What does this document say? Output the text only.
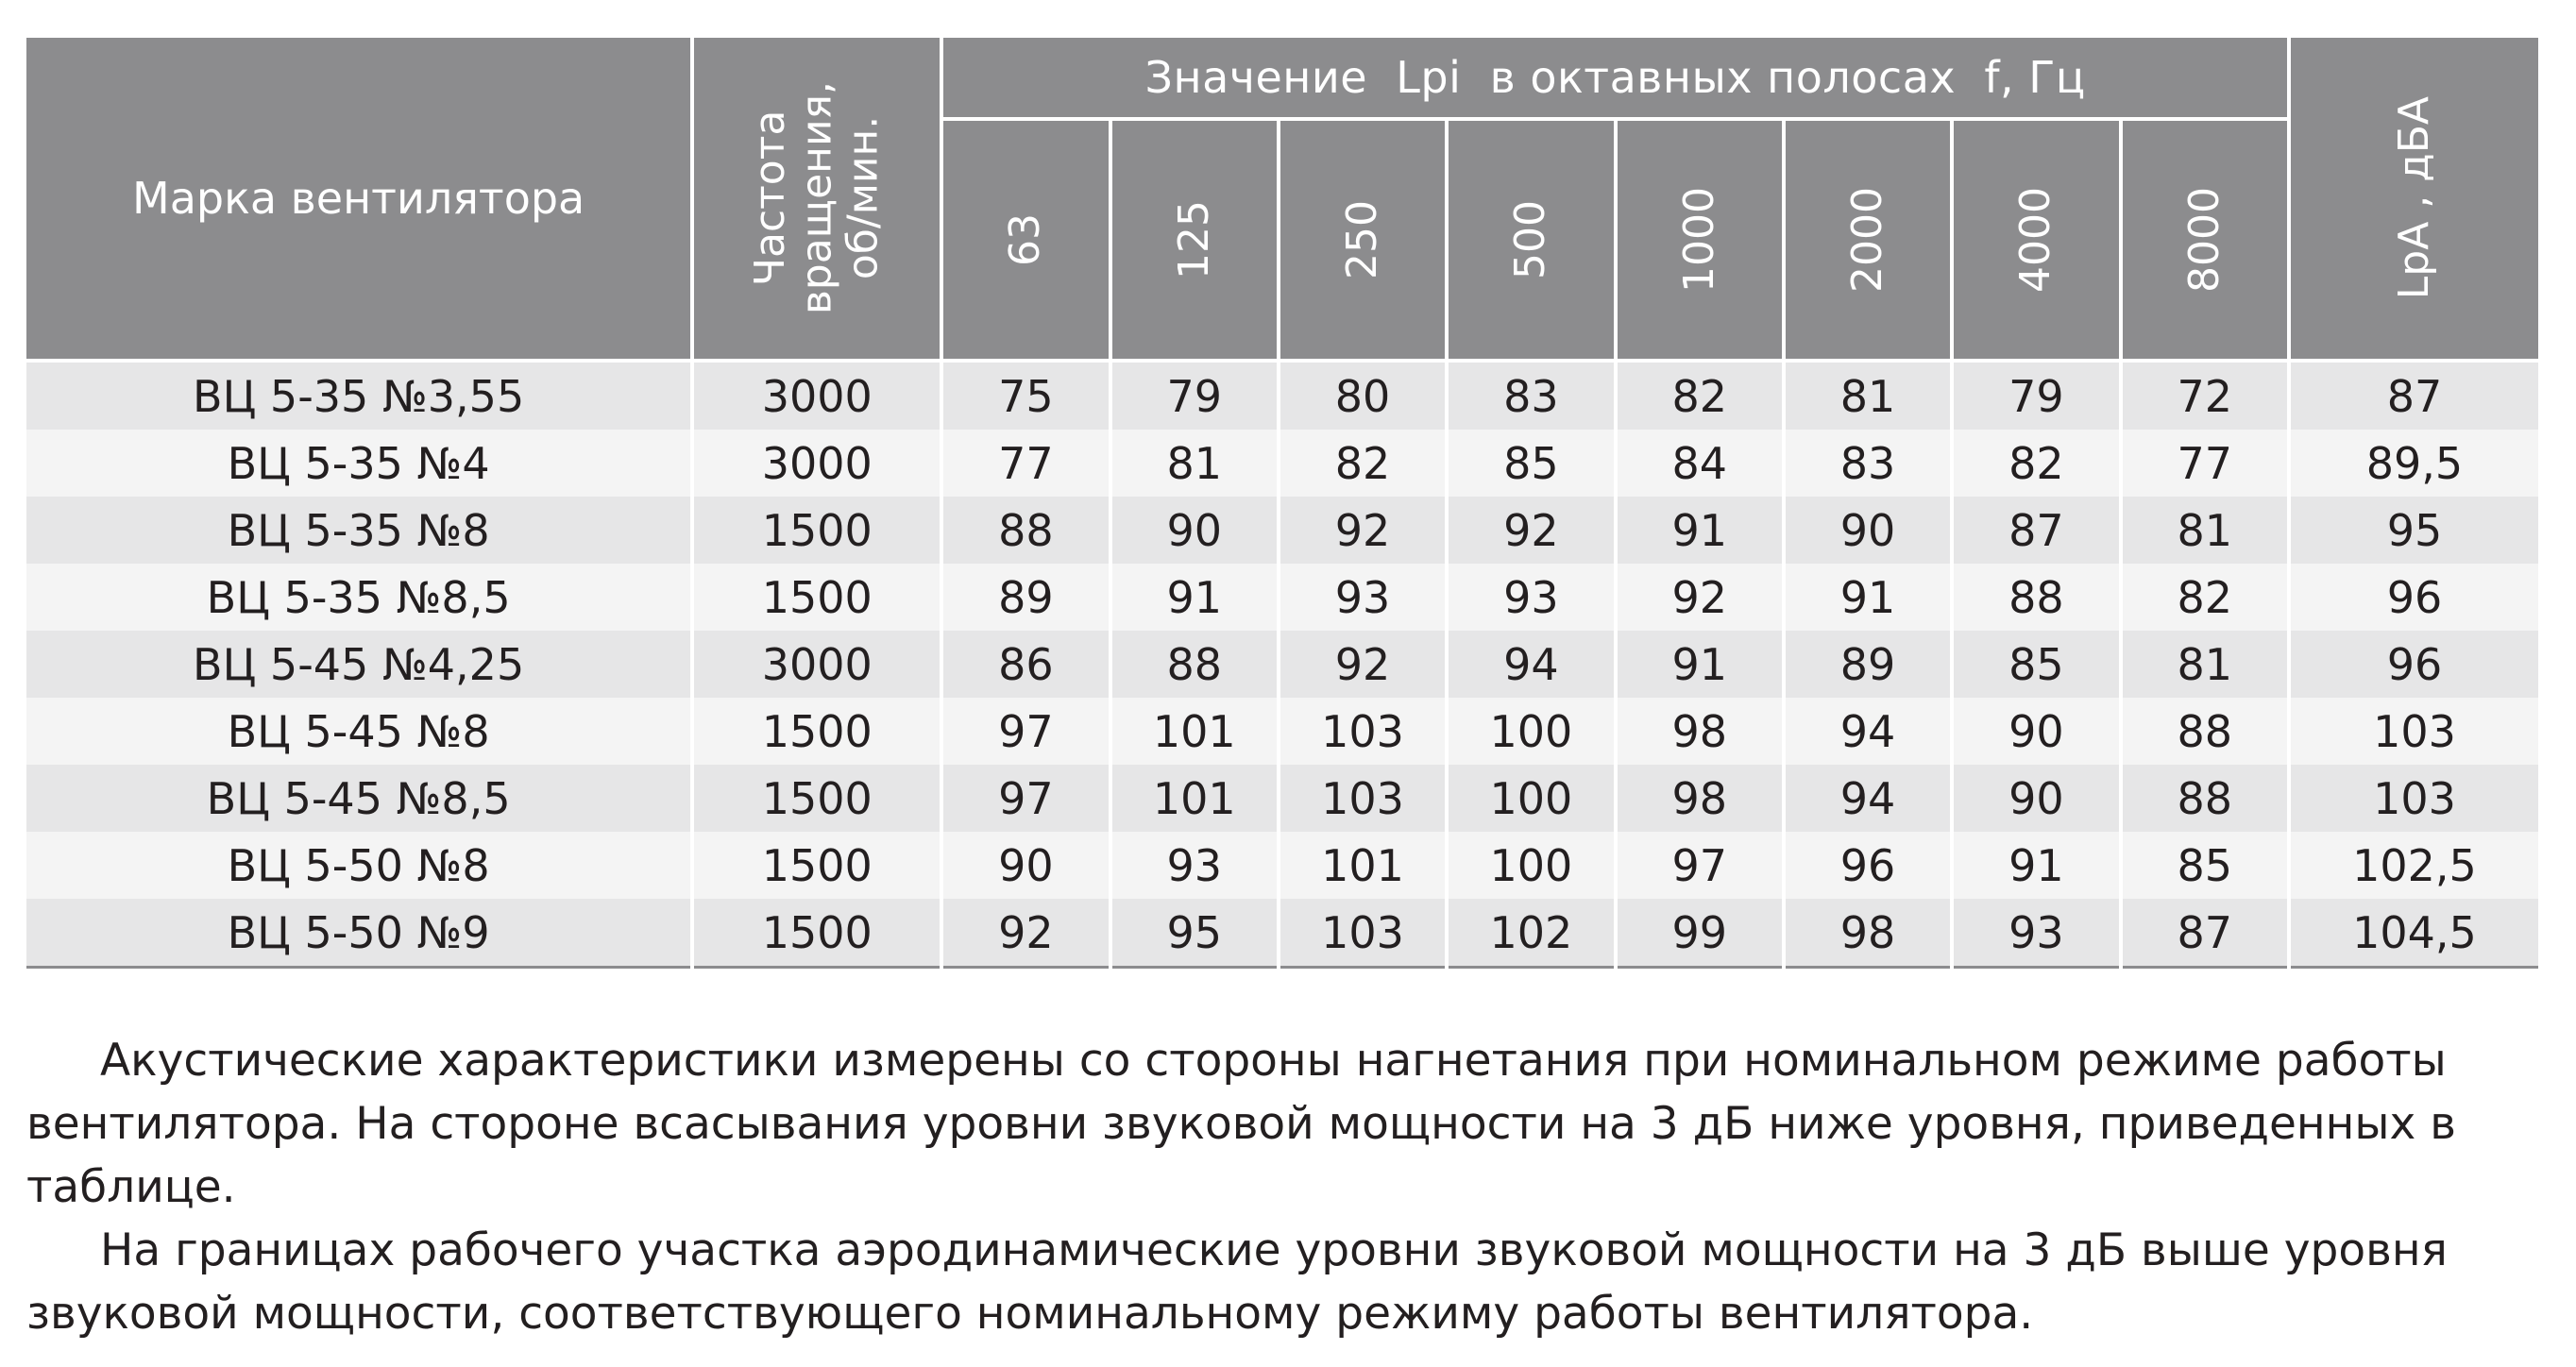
Марка вентилятора	Частота
вращения,
об/мин.	Значение  Lpi  в октавных полосах  f, Гц								LpA , дБА

		63	125	250	500	1000	2000	4000	8000	

ВЦ 5-35 №3,55	3000	75	79	80	83	82	81	79	72	87
ВЦ 5-35 №4	3000	77	81	82	85	84	83	82	77	89,5
ВЦ 5-35 №8	1500	88	90	92	92	91	90	87	81	95
ВЦ 5-35 №8,5	1500	89	91	93	93	92	91	88	82	96
ВЦ 5-45 №4,25	3000	86	88	92	94	91	89	85	81	96
ВЦ 5-45 №8	1500	97	101	103	100	98	94	90	88	103
ВЦ 5-45 №8,5	1500	97	101	103	100	98	94	90	88	103
ВЦ 5-50 №8	1500	90	93	101	100	97	96	91	85	102,5
ВЦ 5-50 №9	1500	92	95	103	102	99	98	93	87	104,5

Акустические характеристики измерены со стороны нагнетания при номинальном режиме работы вентилятора. На стороне всасывания уровни звуковой мощности на 3 дБ ниже уровня, приведенных в таблице.

На границах рабочего участка аэродинамические уровни звуковой мощности на 3 дБ выше уровня звуковой мощности, соответствующего номинальному режиму работы вентилятора.
